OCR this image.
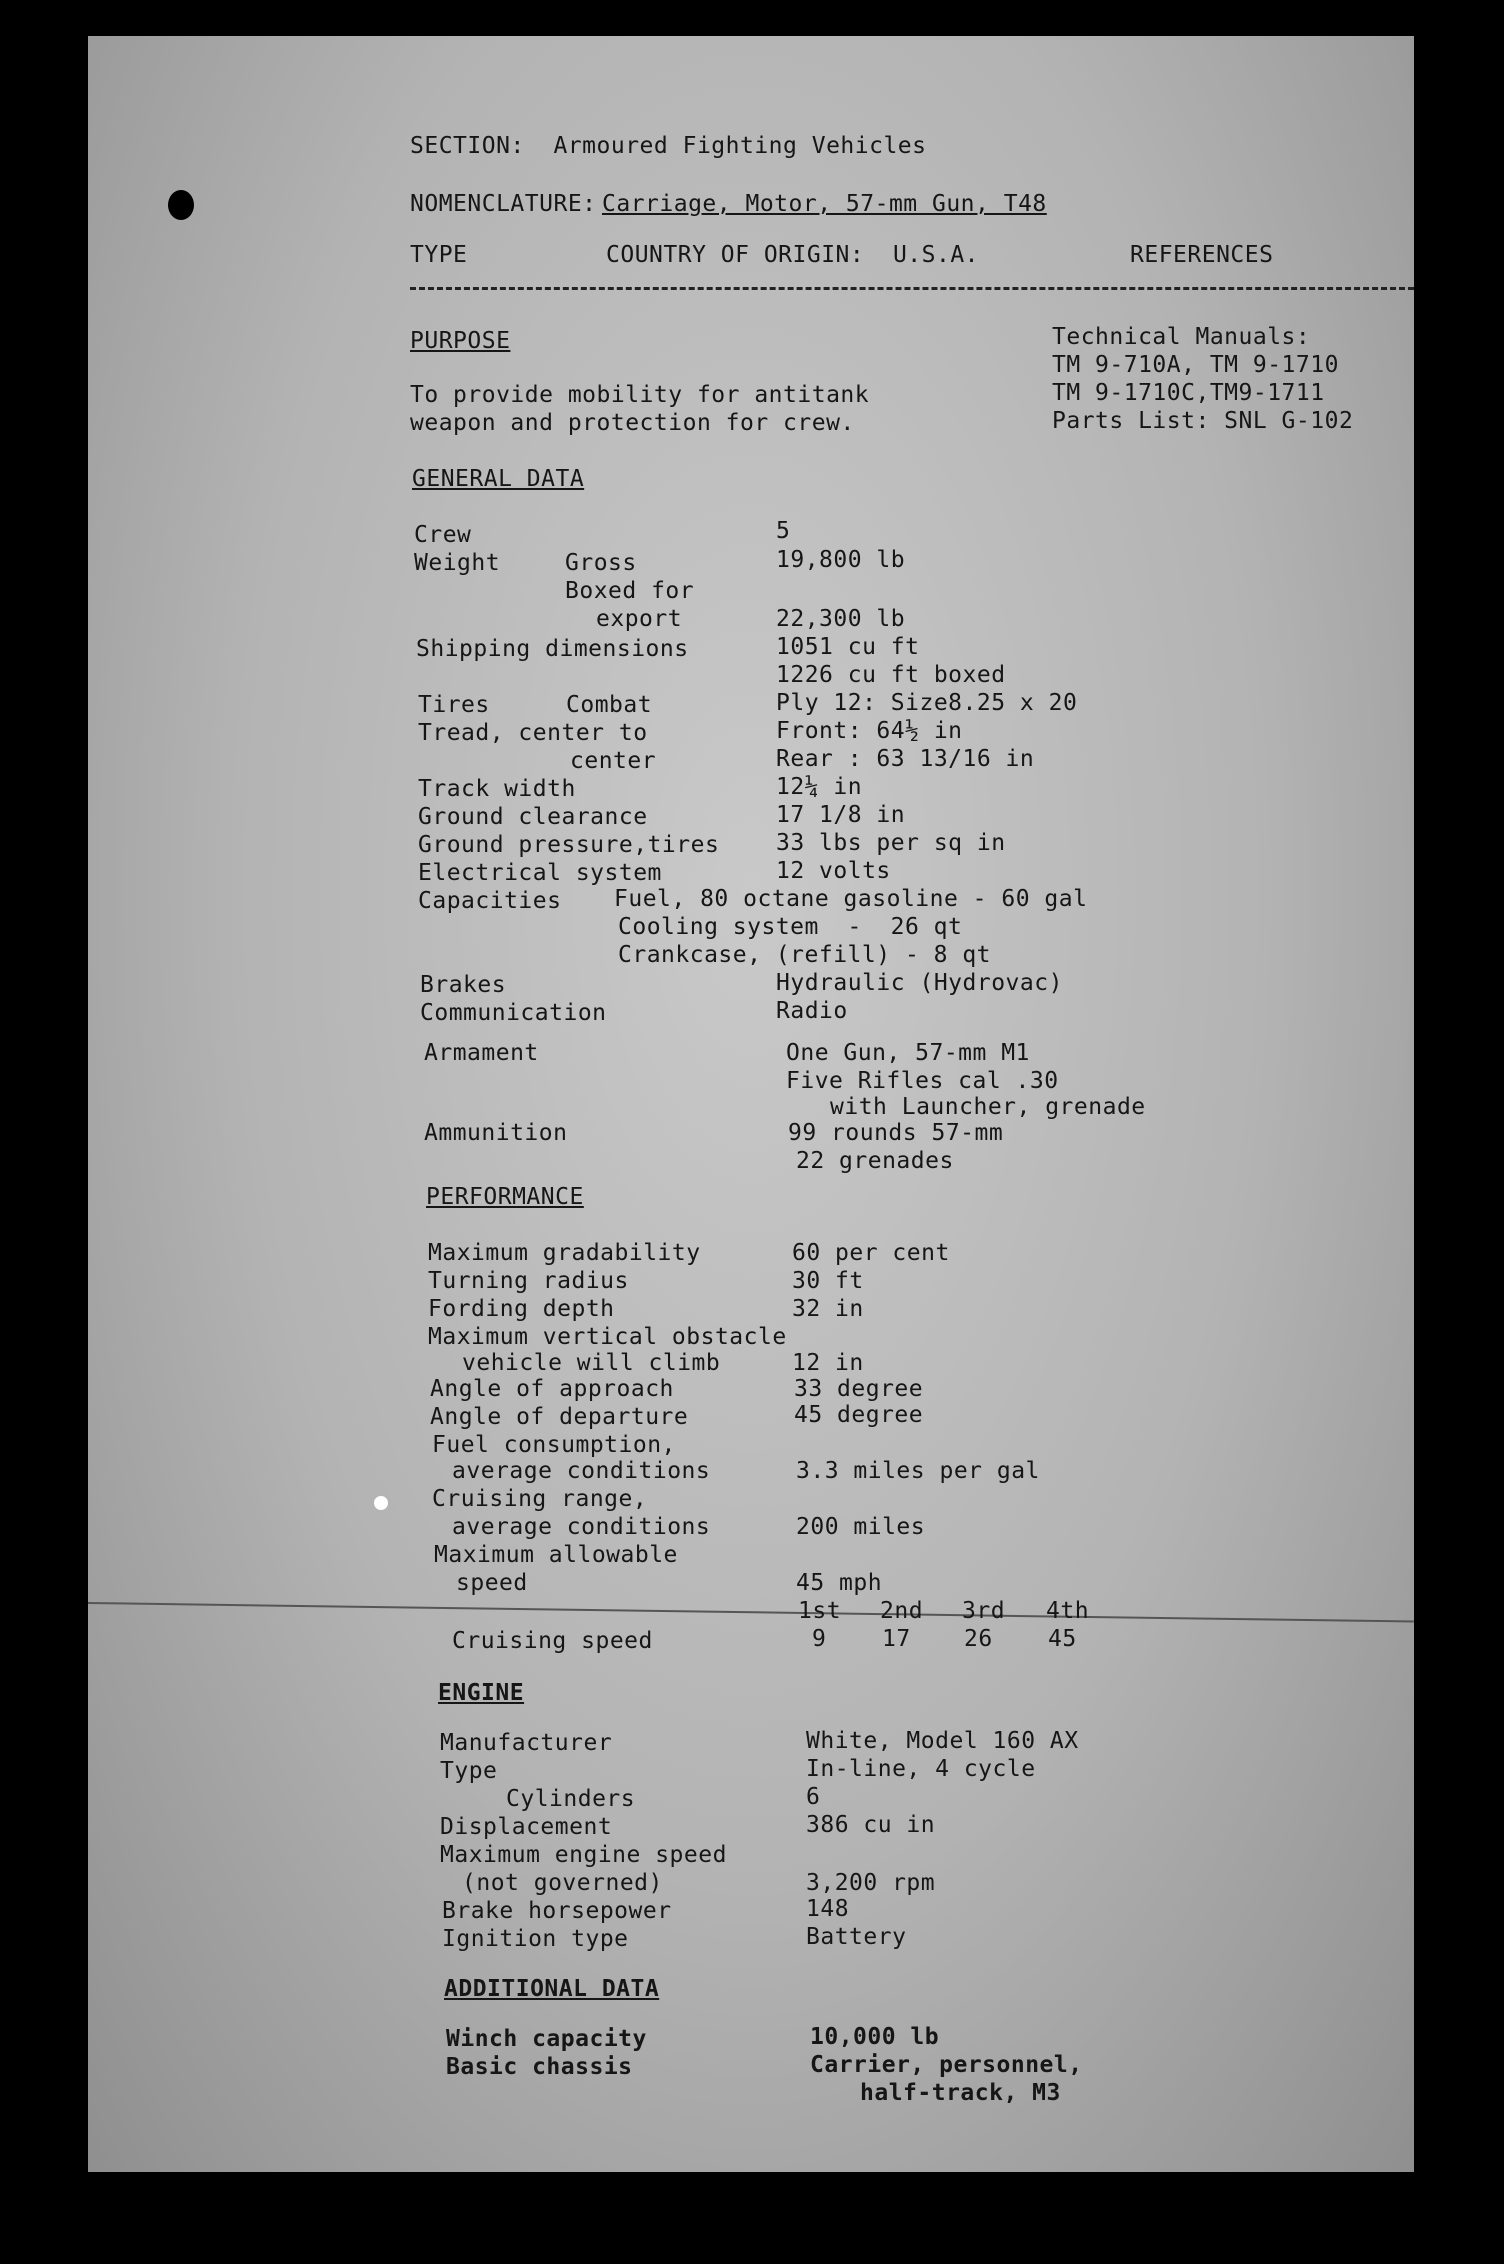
SECTION:  Armoured Fighting Vehicles
NOMENCLATURE: Carriage, Motor, 57-mm Gun, T48
TYPE	COUNTRY OF ORIGIN:  U.S.A.	REFERENCES
PURPOSE
To provide mobility for antitank
weapon and protection for crew.
Technical Manuals:
TM 9-710A, TM 9-1710
TM 9-1710C,TM9-1711
Parts List: SNL G-102
GENERAL DATA
Crew	5
Weight	Gross	19,800 lb
Boxed for
export	22,300 lb
Shipping dimensions	1051 cu ft
1226 cu ft boxed
Tires	Combat	Ply 12: Size8.25 x 20
Tread, center to	Front: 64½ in
center	Rear : 63 13/16 in
Track width	12¼ in
Ground clearance	17 1/8 in
Ground pressure,tires 33 lbs per sq in
Electrical system	12 volts
Capacities Fuel, 80 octane gasoline - 60 gal
Cooling system  -  26 qt
Crankcase, (refill) - 8 qt
Brakes	Hydraulic (Hydrovac)
Communication	Radio
Armament	One Gun, 57-mm M1
Five Rifles cal .30
with Launcher, grenade
Ammunition	99 rounds 57-mm
22 grenades
PERFORMANCE
Maximum gradability	60 per cent
Turning radius	30 ft
Fording depth	32 in
Maximum vertical obstacle
vehicle will climb	12 in
Angle of approach	33 degree
Angle of departure	45 degree
Fuel consumption,
average conditions	3.3 miles per gal
Cruising range,
average conditions	200 miles
Maximum allowable
speed	45 mph
1st 2nd 3rd 4th
Cruising speed	9 17 26 45
ENGINE
Manufacturer	White, Model 160 AX
Type	In-line, 4 cycle
Cylinders	6
Displacement	386 cu in
Maximum engine speed
(not governed)	3,200 rpm
Brake horsepower	148
Ignition type	Battery
ADDITIONAL DATA
Winch capacity	10,000 lb
Basic chassis	Carrier, personnel,
half-track, M3
